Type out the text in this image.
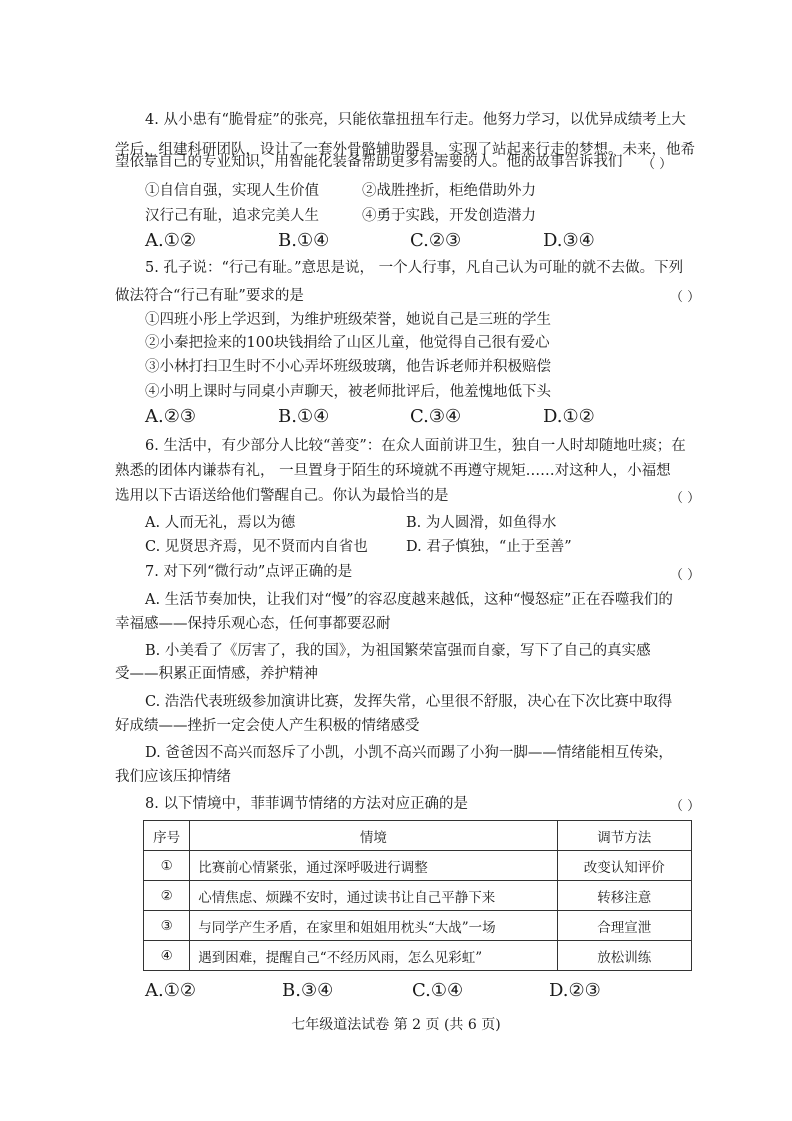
4. 从小患有“脆骨症”的张亮，只能依靠扭扭车行走。他努力学习，以优异成绩考上大
学后，组建科研团队，设计了一套外骨骼辅助器具，实现了站起来行走的梦想。未来，他希
望依靠自己的专业知识，用智能化装备帮助更多有需要的人。他的故事告诉我们 （ ）
①自信自强，实现人生价值	②战胜挫折，柜绝借助外力
汉行己有耻，追求完美人生	④勇于实践，开发创造潜力
A.①②	B.①④	C.②③	D.③④
5. 孔子说：“行己有耻。”意思是说， 一个人行事，凡自己认为可耻的就不去做。下列
做法符合“行己有耻”要求的是	（ ）
①四班小彤上学迟到，为维护班级荣誉，她说自己是三班的学生
②小秦把捡来的100块钱捐给了山区儿童，他觉得自己很有爱心
③小林打扫卫生时不小心弄坏班级玻璃，他告诉老师并积极赔偿
④小明上课时与同桌小声聊天，被老师批评后，他羞愧地低下头
A.②③	B.①④	C.③④	D.①②
6. 生活中，有少部分人比较“善变”：在众人面前讲卫生，独自一人时却随地吐痰；在
熟悉的团体内谦恭有礼， 一旦置身于陌生的环境就不再遵守规矩……对这种人，小福想
选用以下古语送给他们警醒自己。你认为最恰当的是	（ ）
A. 人而无礼，焉以为德	B. 为人圆滑，如鱼得水
C. 见贤思齐焉，见不贤而内自省也	D. 君子慎独，“止于至善”
7. 对下列“微行动”点评正确的是	（ ）
A. 生活节奏加快，让我们对“慢”的容忍度越来越低，这种“慢怒症”正在吞噬我们的
幸福感——保持乐观心态，任何事都要忍耐
B. 小美看了《厉害了，我的国》，为祖国繁荣富强而自豪，写下了自己的真实感
受——积累正面情感，养护精神
C. 浩浩代表班级参加演讲比赛，发挥失常，心里很不舒服，决心在下次比赛中取得
好成绩——挫折一定会使人产生积极的情绪感受
D. 爸爸因不高兴而怒斥了小凯，小凯不高兴而踢了小狗一脚——情绪能相互传染，
我们应该压抑情绪
8. 以下情境中，菲菲调节情绪的方法对应正确的是	（ ）
序号	情境	调节方法
①	比赛前心情紧张，通过深呼吸进行调整	改变认知评价
②	心情焦虑、烦躁不安时，通过读书让自己平静下来	转移注意
③	与同学产生矛盾，在家里和姐姐用枕头“大战”一场	合理宣泄
④	遇到困难，提醒自己“不经历风雨，怎么见彩虹”	放松训练
A.①②	B.③④	C.①④	D.②③
七年级道法试卷 第 2 页 (共 6 页)
